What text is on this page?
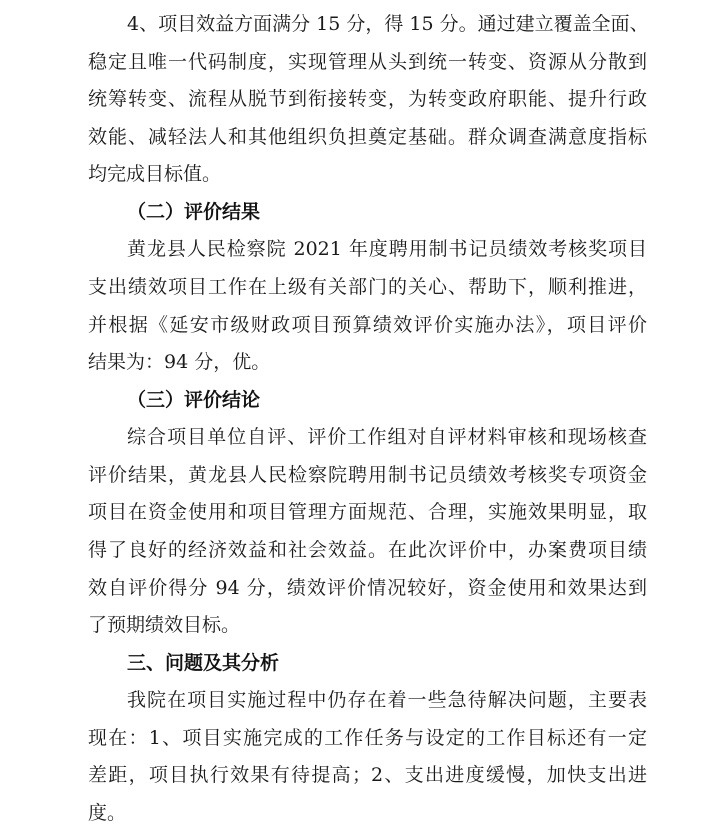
4、项目效益方面满分 15 分，得 15 分。通过建立覆盖全面、
稳定且唯一代码制度，实现管理从头到统一转变、资源从分散到
统筹转变、流程从脱节到衔接转变，为转变政府职能、提升行政
效能、减轻法人和其他组织负担奠定基础。群众调查满意度指标
均完成目标值。
（二）评价结果
黄龙县人民检察院 2021 年度聘用制书记员绩效考核奖项目
支出绩效项目工作在上级有关部门的关心、帮助下，顺利推进，
并根据《延安市级财政项目预算绩效评价实施办法》，项目评价
结果为：94 分，优。
（三）评价结论
综合项目单位自评、评价工作组对自评材料审核和现场核查
评价结果，黄龙县人民检察院聘用制书记员绩效考核奖专项资金
项目在资金使用和项目管理方面规范、合理，实施效果明显，取
得了良好的经济效益和社会效益。在此次评价中，办案费项目绩
效自评价得分 94 分，绩效评价情况较好，资金使用和效果达到
了预期绩效目标。
三、问题及其分析
我院在项目实施过程中仍存在着一些急待解决问题，主要表
现在：1、项目实施完成的工作任务与设定的工作目标还有一定
差距，项目执行效果有待提高；2、支出进度缓慢，加快支出进
度。
